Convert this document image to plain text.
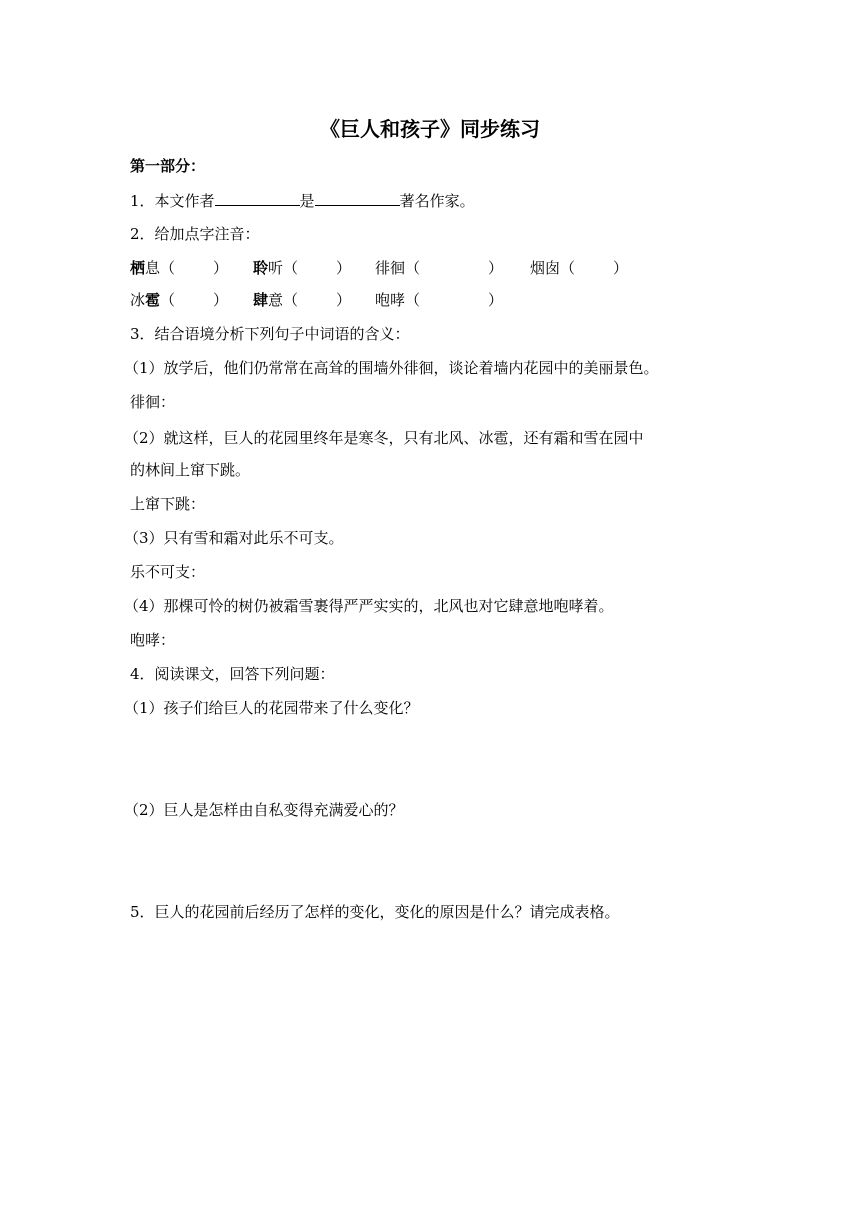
《巨人和孩子》同步练习
第一部分：
1．本文作者	是	著名作家。
2．给加点字注音：
栖息（	） 聆听（	） 徘徊（	） 烟囱（	）
冰雹（	） 肆意（	） 咆哮（	）
3．结合语境分析下列句子中词语的含义：
（1）放学后，他们仍常常在高耸的围墙外徘徊，谈论着墙内花园中的美丽景色。
徘徊：
（2）就这样，巨人的花园里终年是寒冬，只有北风、冰雹，还有霜和雪在园中
的林间上窜下跳。
上窜下跳：
（3）只有雪和霜对此乐不可支。
乐不可支：
（4）那棵可怜的树仍被霜雪裹得严严实实的，北风也对它肆意地咆哮着。
咆哮：
4．阅读课文，回答下列问题：
（1）孩子们给巨人的花园带来了什么变化？
（2）巨人是怎样由自私变得充满爱心的？
5．巨人的花园前后经历了怎样的变化，变化的原因是什么？请完成表格。
